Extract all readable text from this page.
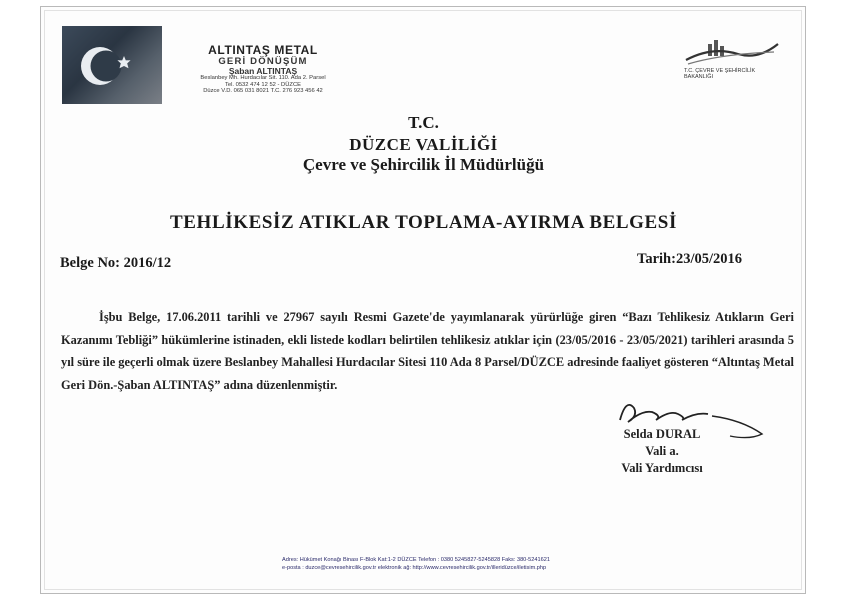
ALTINTAŞ METAL
GERİ DÖNÜŞÜM
Şaban ALTINTAŞ
Beslanbey Mh. Hurdacılar Sit. 110. Ada 2. Parsel
Tel. 0532 474 12 52 - DÜZCE
Düzce V.D. 065 031 8021 T.C. 276 923 456 42
T.C. ÇEVRE VE ŞEHİRCİLİK BAKANLIĞI
T.C.
DÜZCE VALİLİĞİ
Çevre ve Şehircilik İl Müdürlüğü
TEHLİKESİZ ATIKLAR TOPLAMA-AYIRMA BELGESİ
Belge No: 2016/12	Tarih:23/05/2016
İşbu Belge, 17.06.2011 tarihli ve 27967 sayılı Resmi Gazete'de yayımlanarak yürürlüğe giren “Bazı Tehlikesiz Atıkların Geri Kazanımı Tebliği” hükümlerine istinaden, ekli listede kodları belirtilen tehlikesiz atıklar için (23/05/2016 - 23/05/2021) tarihleri arasında 5 yıl süre ile geçerli olmak üzere Beslanbey Mahallesi Hurdacılar Sitesi 110 Ada 8 Parsel/DÜZCE adresinde faaliyet gösteren “Altıntaş Metal Geri Dön.-Şaban ALTINTAŞ” adına düzenlenmiştir.
Selda DURAL
Vali a.
Vali Yardımcısı
Adres: Hükümet Konağı Binası F-Blok Kat:1-2 DÜZCE Telefon : 0380 5245827-5245828 Faks: 380-5241621
e-posta : duzce@cevresehircilik.gov.tr elektronik ağ: http://www.cevresehircilik.gov.tr/illeridüzce/iletisim.php
